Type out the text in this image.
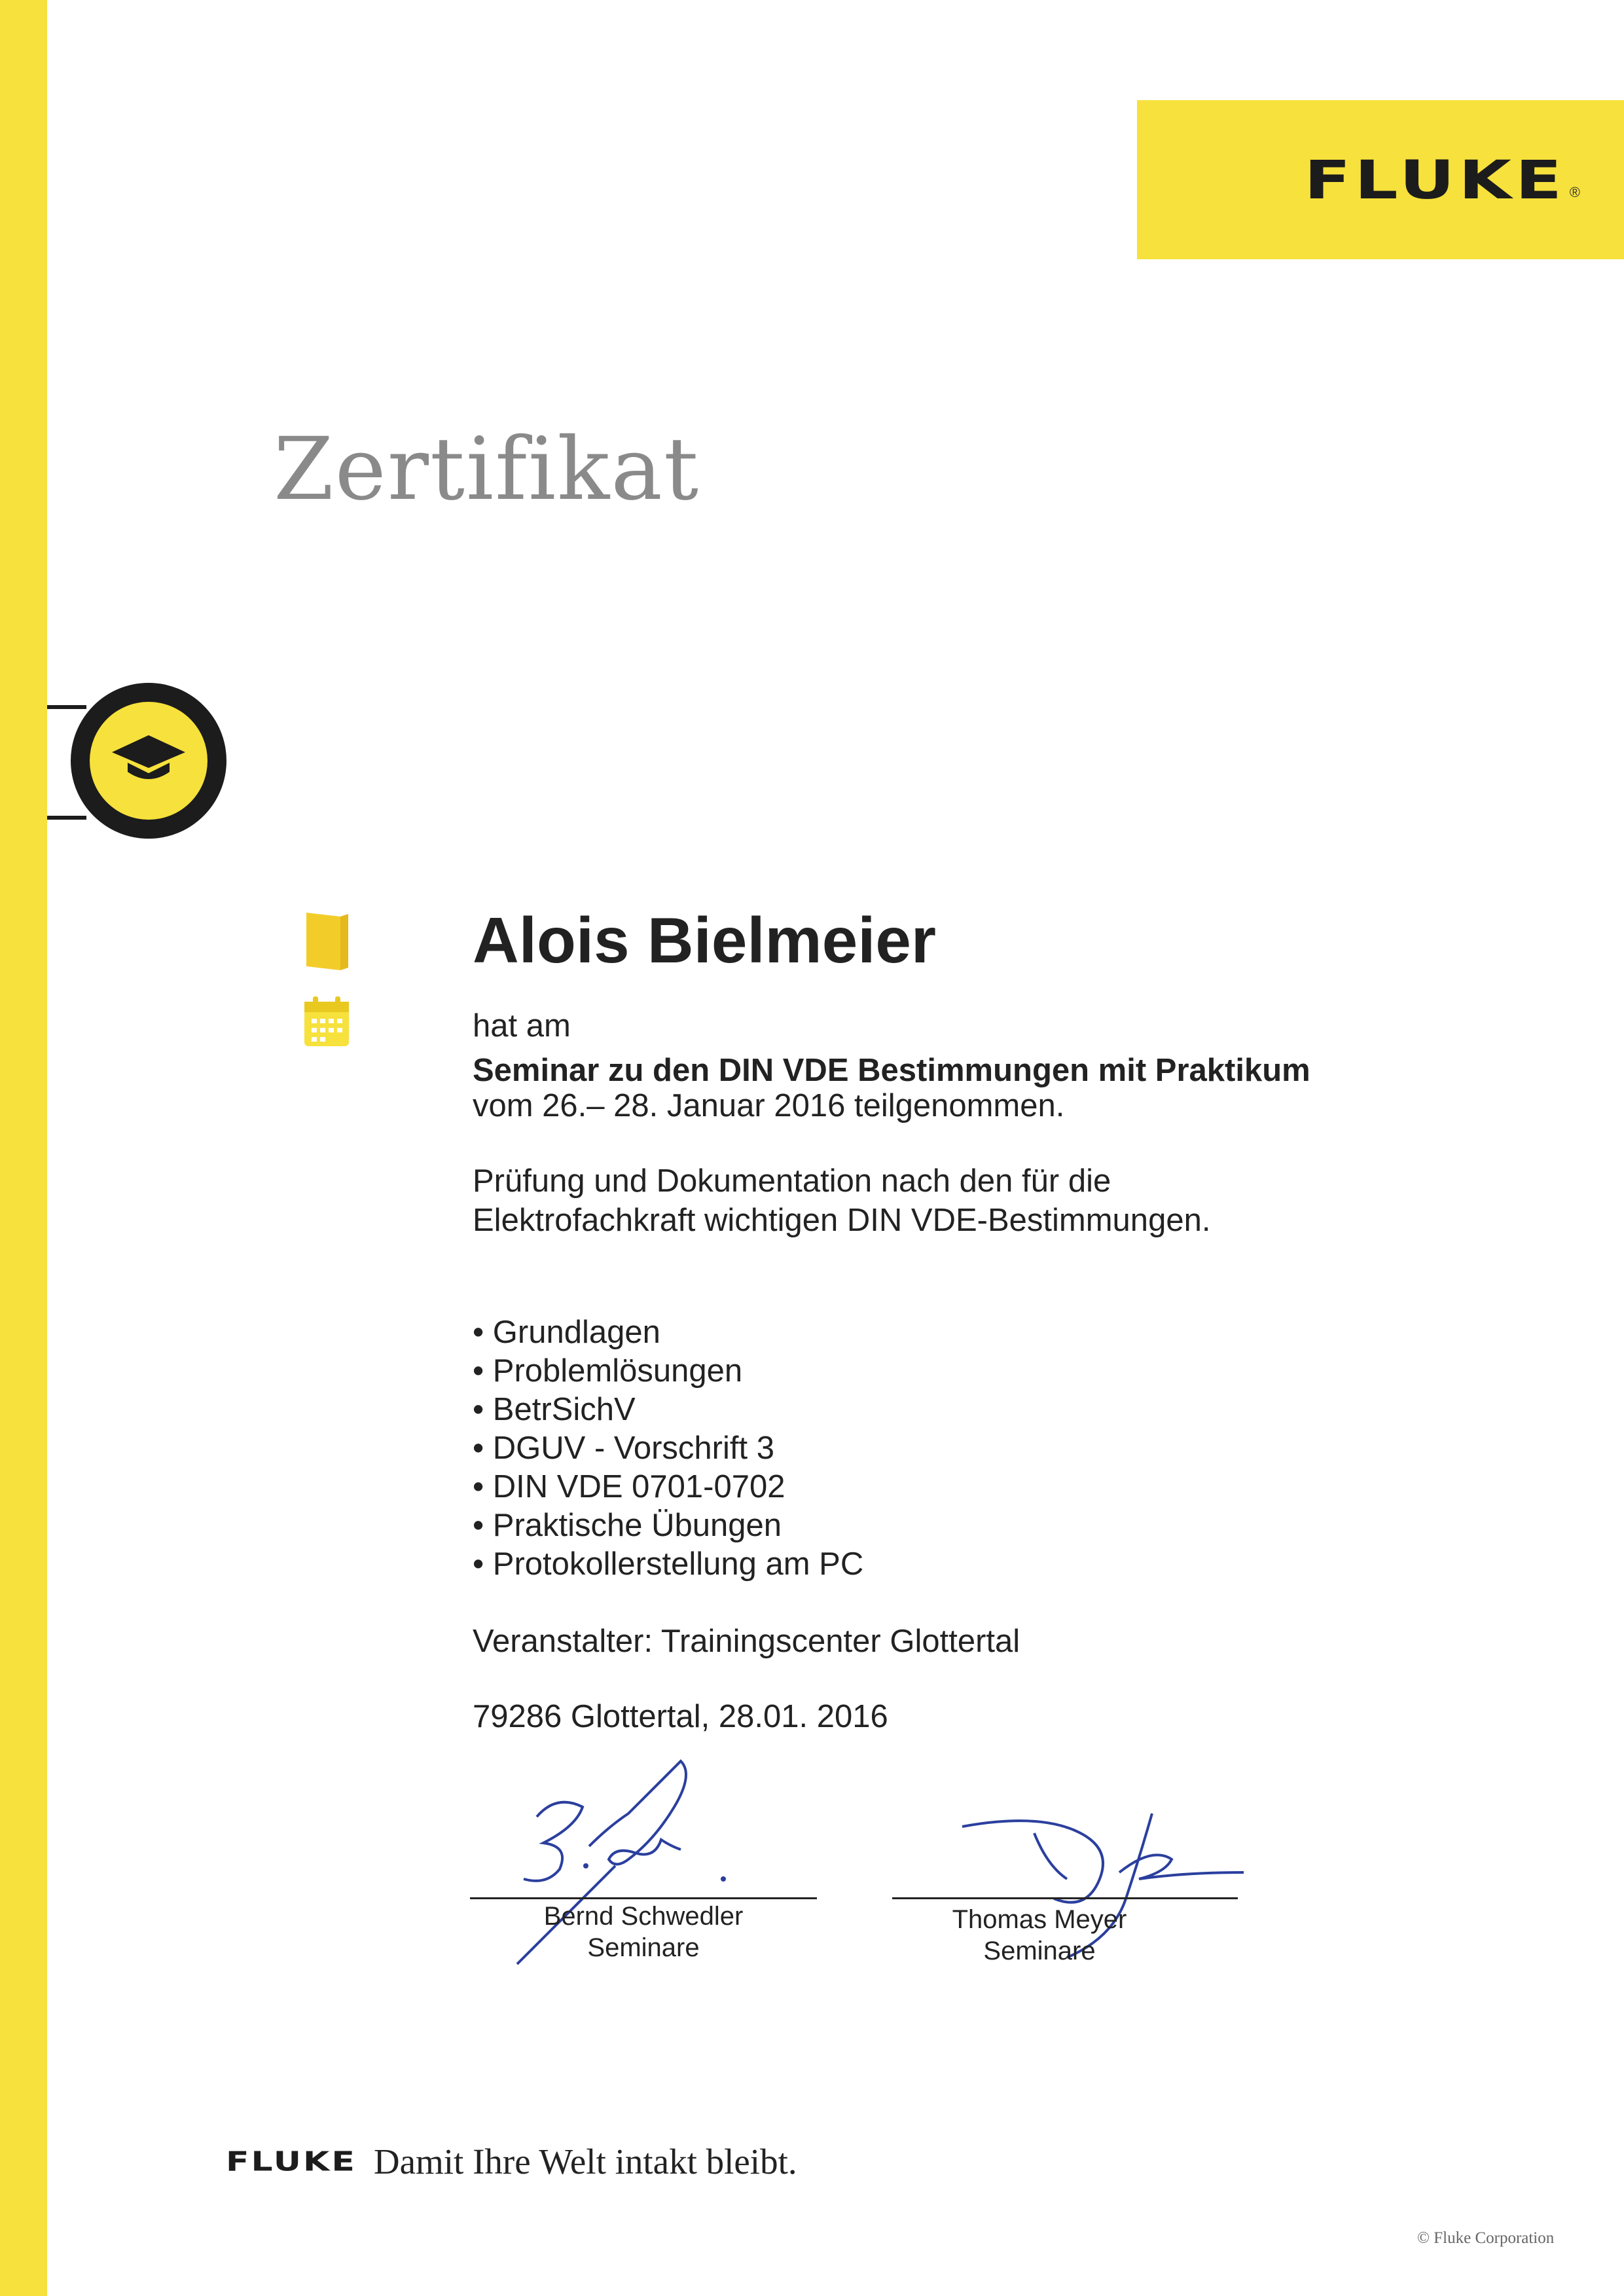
FLUKE ®
Zertifikat
Alois Bielmeier
hat am
Seminar zu den DIN VDE Bestimmungen mit Praktikum
vom 26.– 28. Januar 2016 teilgenommen.
Prüfung und Dokumentation nach den für die
Elektrofachkraft wichtigen DIN VDE-Bestimmungen.
• Grundlagen
• Problemlösungen
• BetrSichV
• DGUV - Vorschrift 3
• DIN VDE 0701-0702
• Praktische Übungen
• Protokollerstellung am PC
Veranstalter: Trainingscenter Glottertal
79286 Glottertal, 28.01. 2016
Bernd Schwedler
Seminare
Thomas Meyer
Seminare
FLUKE Damit Ihre Welt intakt bleibt.
© Fluke Corporation
